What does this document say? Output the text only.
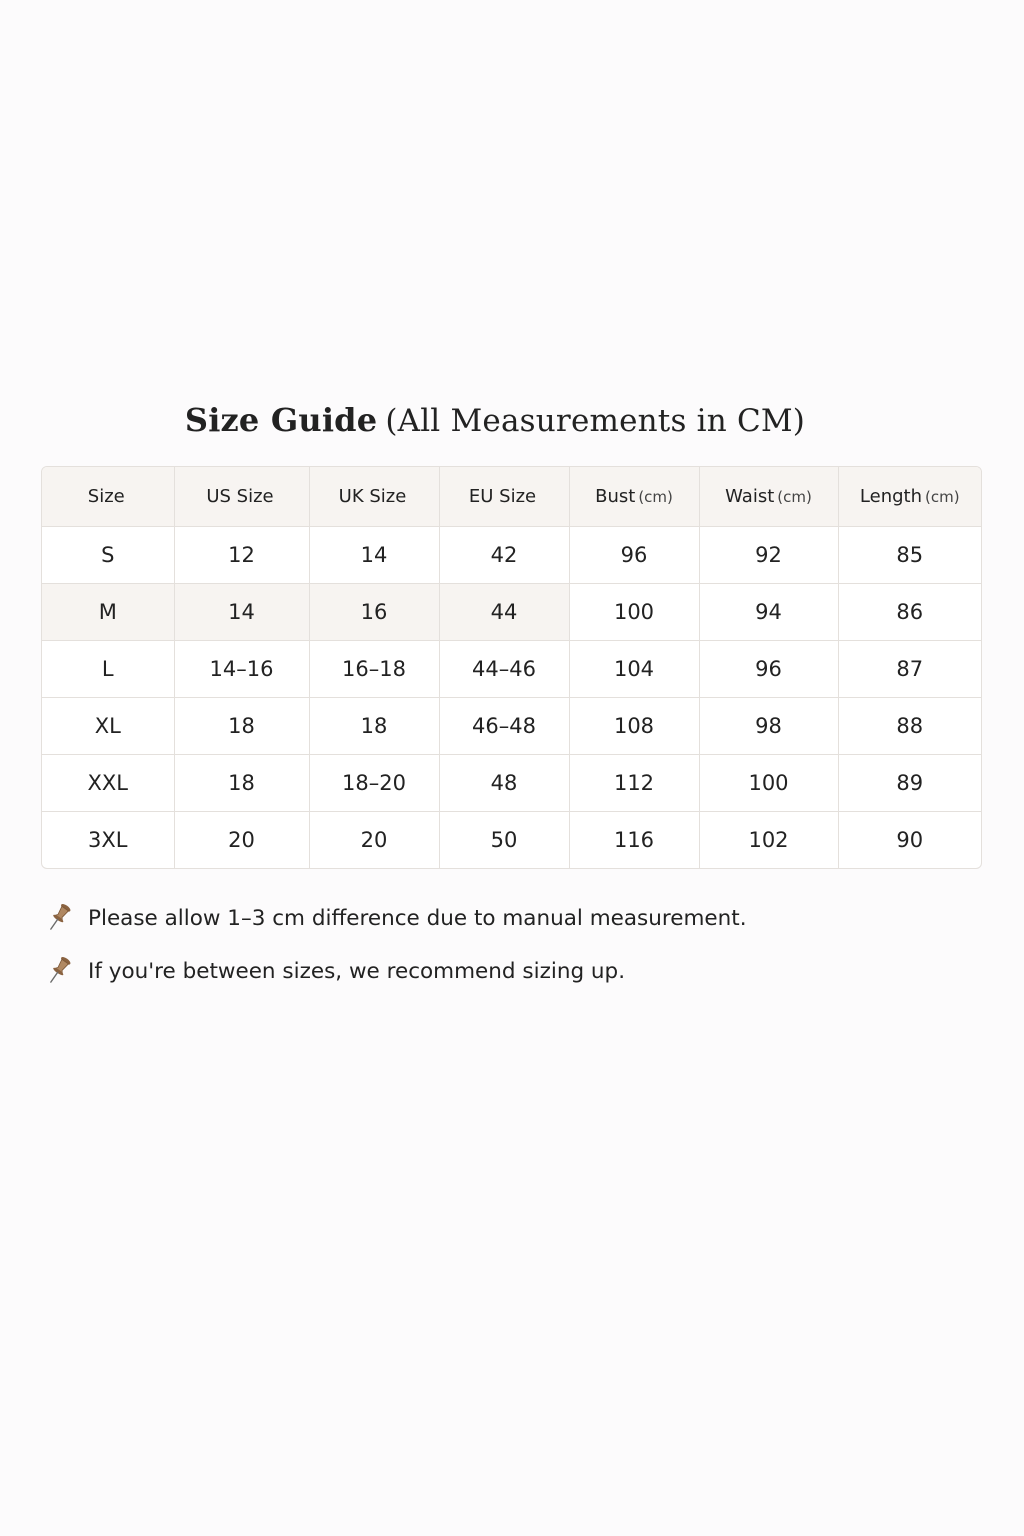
Size Guide (All Measurements in CM)
Size	US Size	UK Size	EU Size	Bust (cm)	Waist (cm)	Length (cm)
S	12	14	42	96	92	85
M	14	16	44	100	94	86
L	14–16	16–18	44–46	104	96	87
XL	18	18	46–48	108	98	88
XXL	18	18–20	48	112	100	89
3XL	20	20	50	116	102	90
Please allow 1–3 cm difference due to manual measurement.
If you're between sizes, we recommend sizing up.
